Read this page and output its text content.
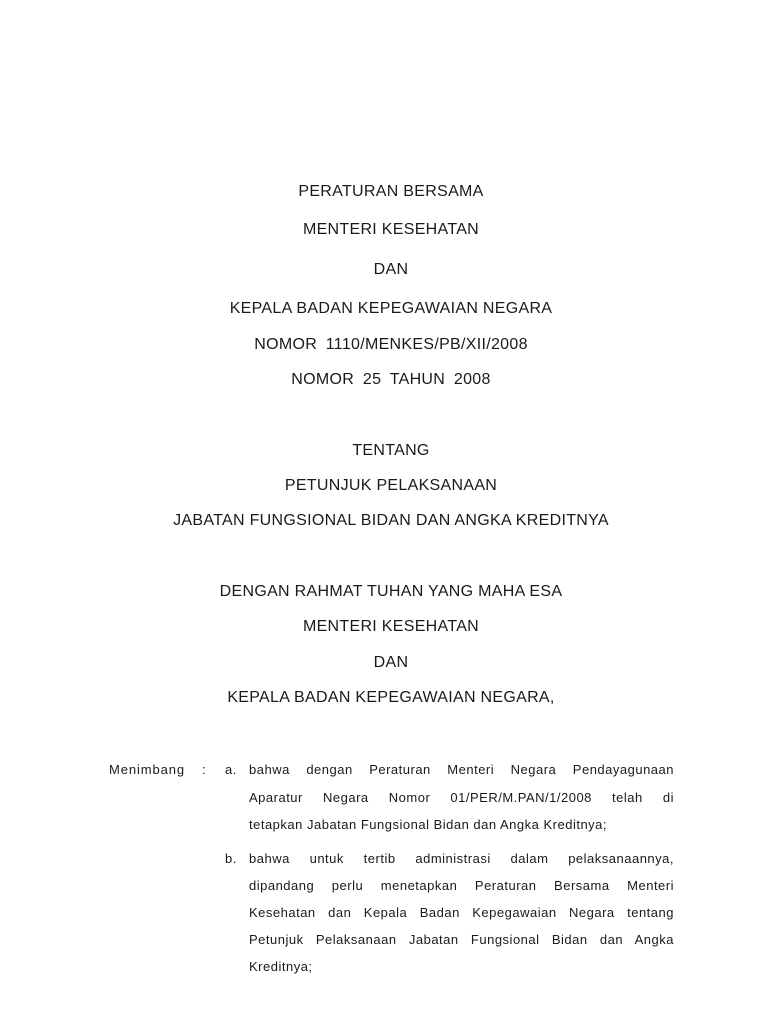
PERATURAN BERSAMA
MENTERI KESEHATAN
DAN
KEPALA BADAN KEPEGAWAIAN NEGARA
NOMOR 1110/MENKES/PB/XII/2008
NOMOR 25 TAHUN 2008
TENTANG
PETUNJUK PELAKSANAAN
JABATAN FUNGSIONAL BIDAN DAN ANGKA KREDITNYA
DENGAN RAHMAT TUHAN YANG MAHA ESA
MENTERI KESEHATAN
DAN
KEPALA BADAN KEPEGAWAIAN NEGARA,
Menimbang : a. bahwa dengan Peraturan Menteri Negara Pendayagunaan
Aparatur Negara Nomor 01/PER/M.PAN/1/2008 telah di
tetapkan Jabatan Fungsional Bidan dan Angka Kreditnya;
b. bahwa untuk tertib administrasi dalam pelaksanaannya,
dipandang perlu menetapkan Peraturan Bersama Menteri
Kesehatan dan Kepala Badan Kepegawaian Negara tentang
Petunjuk Pelaksanaan Jabatan Fungsional Bidan dan Angka
Kreditnya;
